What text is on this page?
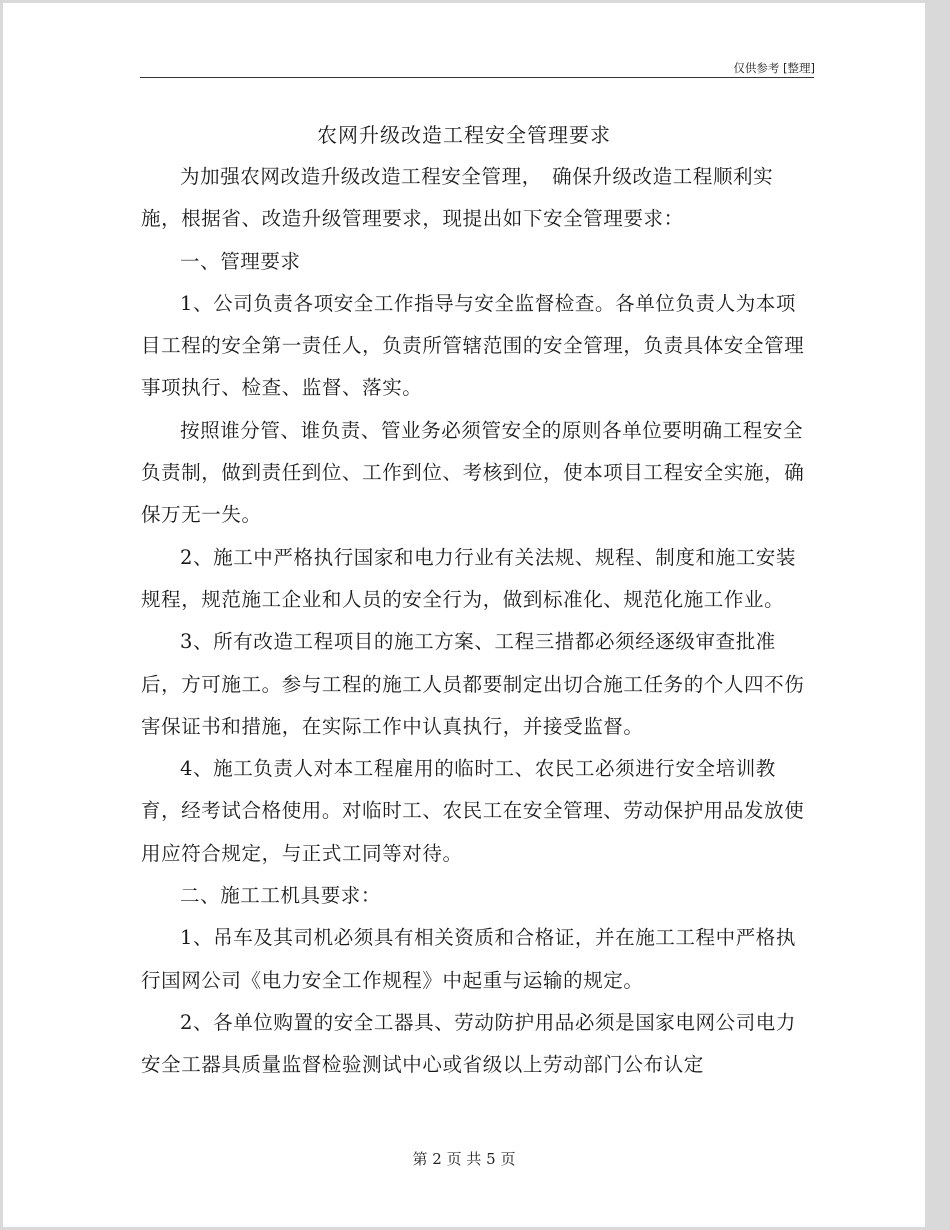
仅供参考 [整理]
农网升级改造工程安全管理要求

为加强农网改造升级改造工程安全管理，　确保升级改造工程顺利实施，根据省、改造升级管理要求，现提出如下安全管理要求：

一、管理要求

1、公司负责各项安全工作指导与安全监督检查。各单位负责人为本项目工程的安全第一责任人，负责所管辖范围的安全管理，负责具体安全管理事项执行、检查、监督、落实。

按照谁分管、谁负责、管业务必须管安全的原则各单位要明确工程安全负责制，做到责任到位、工作到位、考核到位，使本项目工程安全实施，确保万无一失。

2、施工中严格执行国家和电力行业有关法规、规程、制度和施工安装规程，规范施工企业和人员的安全行为，做到标准化、规范化施工作业。

3、所有改造工程项目的施工方案、工程三措都必须经逐级审查批准后，方可施工。参与工程的施工人员都要制定出切合施工任务的个人四不伤害保证书和措施，在实际工作中认真执行，并接受监督。

4、施工负责人对本工程雇用的临时工、农民工必须进行安全培训教育，经考试合格使用。对临时工、农民工在安全管理、劳动保护用品发放使用应符合规定，与正式工同等对待。

二、施工工机具要求：

1、吊车及其司机必须具有相关资质和合格证，并在施工工程中严格执行国网公司《电力安全工作规程》中起重与运输的规定。

2、各单位购置的安全工器具、劳动防护用品必须是国家电网公司电力安全工器具质量监督检验测试中心或省级以上劳动部门公布认定

第 2 页 共 5 页
